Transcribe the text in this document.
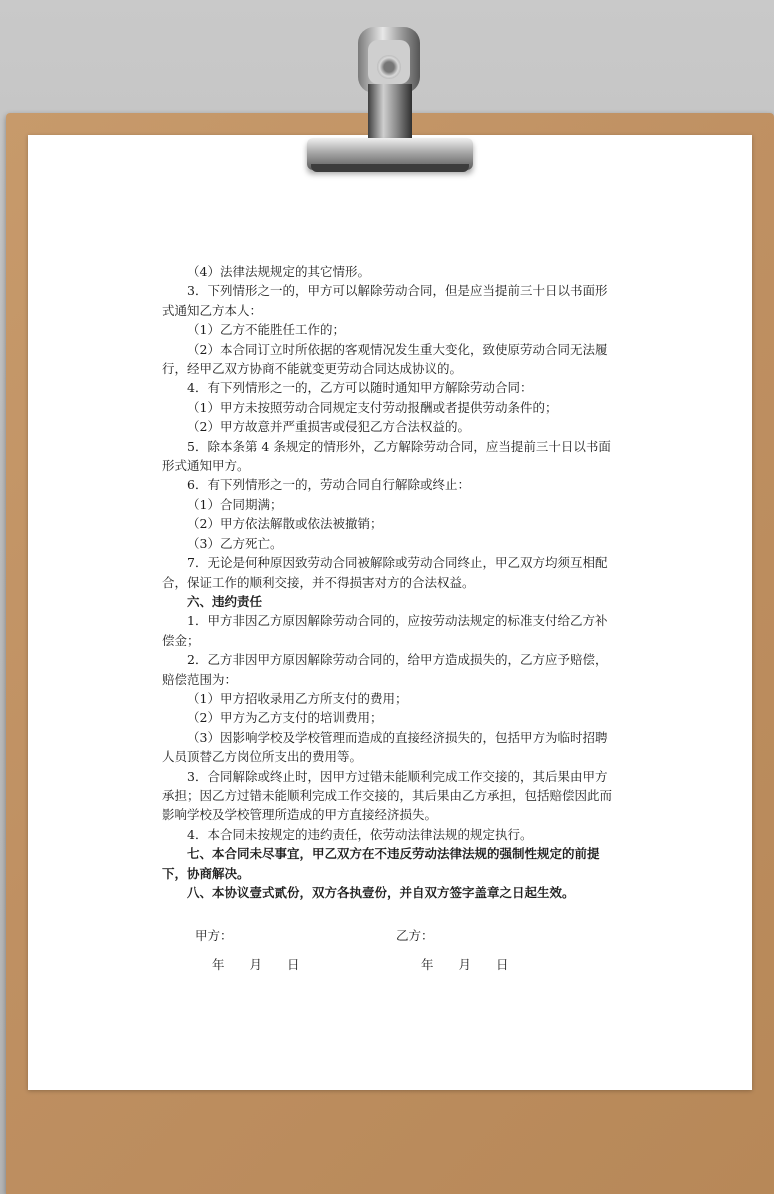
（4）法律法规规定的其它情形。

3．下列情形之一的，甲方可以解除劳动合同，但是应当提前三十日以书面形式通知乙方本人：

（1）乙方不能胜任工作的；

（2）本合同订立时所依据的客观情况发生重大变化，致使原劳动合同无法履行，经甲乙双方协商不能就变更劳动合同达成协议的。

4．有下列情形之一的，乙方可以随时通知甲方解除劳动合同：

（1）甲方未按照劳动合同规定支付劳动报酬或者提供劳动条件的；

（2）甲方故意并严重损害或侵犯乙方合法权益的。

5．除本条第 4 条规定的情形外，乙方解除劳动合同，应当提前三十日以书面形式通知甲方。

6．有下列情形之一的，劳动合同自行解除或终止：

（1）合同期满；

（2）甲方依法解散或依法被撤销；

（3）乙方死亡。

7．无论是何种原因致劳动合同被解除或劳动合同终止，甲乙双方均须互相配合，保证工作的顺利交接，并不得损害对方的合法权益。

六、违约责任

1．甲方非因乙方原因解除劳动合同的，应按劳动法规定的标准支付给乙方补偿金；

2．乙方非因甲方原因解除劳动合同的，给甲方造成损失的，乙方应予赔偿，赔偿范围为：

（1）甲方招收录用乙方所支付的费用；

（2）甲方为乙方支付的培训费用；

（3）因影响学校及学校管理而造成的直接经济损失的，包括甲方为临时招聘人员顶替乙方岗位所支出的费用等。

3．合同解除或终止时，因甲方过错未能顺利完成工作交接的，其后果由甲方承担；因乙方过错未能顺利完成工作交接的，其后果由乙方承担，包括赔偿因此而影响学校及学校管理所造成的甲方直接经济损失。

4．本合同未按规定的违约责任，依劳动法律法规的规定执行。

七、本合同未尽事宜，甲乙双方在不违反劳动法律法规的强制性规定的前提下，协商解决。

八、本协议壹式贰份，双方各执壹份，并自双方签字盖章之日起生效。

甲方：	乙方：
年　　月　　日	年　　月　　日
